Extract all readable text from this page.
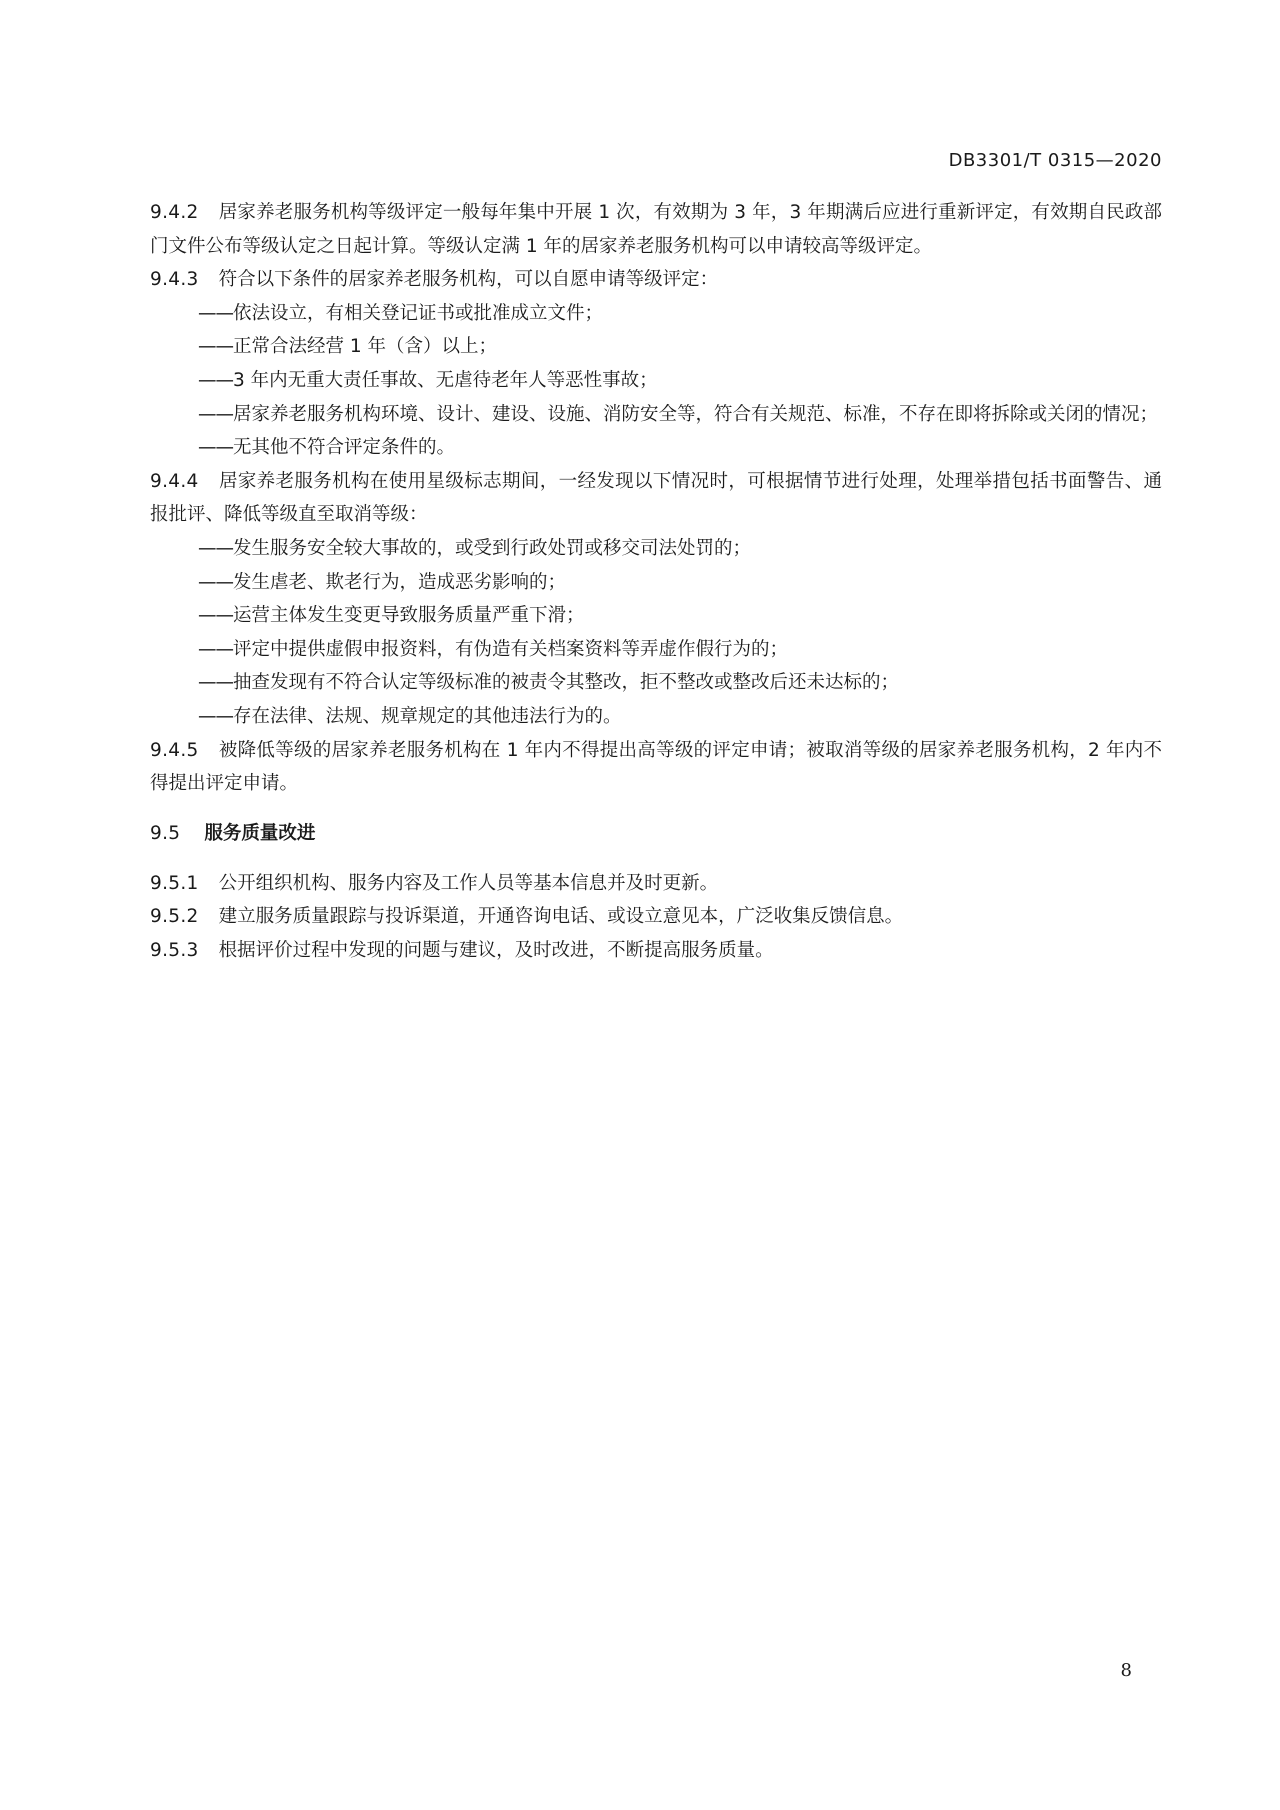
DB3301/T 0315—2020

9.4.2 居家养老服务机构等级评定一般每年集中开展 1 次，有效期为 3 年，3 年期满后应进行重新评定，有效期自民政部门文件公布等级认定之日起计算。等级认定满 1 年的居家养老服务机构可以申请较高等级评定。

9.4.3 符合以下条件的居家养老服务机构，可以自愿申请等级评定：

——依法设立，有相关登记证书或批准成立文件；

——正常合法经营 1 年（含）以上；

——3 年内无重大责任事故、无虐待老年人等恶性事故；

——居家养老服务机构环境、设计、建设、设施、消防安全等，符合有关规范、标准，不存在即将拆除或关闭的情况；

——无其他不符合评定条件的。

9.4.4 居家养老服务机构在使用星级标志期间，一经发现以下情况时，可根据情节进行处理，处理举措包括书面警告、通报批评、降低等级直至取消等级：

——发生服务安全较大事故的，或受到行政处罚或移交司法处罚的；

——发生虐老、欺老行为，造成恶劣影响的；

——运营主体发生变更导致服务质量严重下滑；

——评定中提供虚假申报资料，有伪造有关档案资料等弄虚作假行为的；

——抽查发现有不符合认定等级标准的被责令其整改，拒不整改或整改后还未达标的；

——存在法律、法规、规章规定的其他违法行为的。

9.4.5 被降低等级的居家养老服务机构在 1 年内不得提出高等级的评定申请；被取消等级的居家养老服务机构，2 年内不得提出评定申请。

9.5 服务质量改进

9.5.1 公开组织机构、服务内容及工作人员等基本信息并及时更新。

9.5.2 建立服务质量跟踪与投诉渠道，开通咨询电话、或设立意见本，广泛收集反馈信息。

9.5.3 根据评价过程中发现的问题与建议，及时改进，不断提高服务质量。

8
